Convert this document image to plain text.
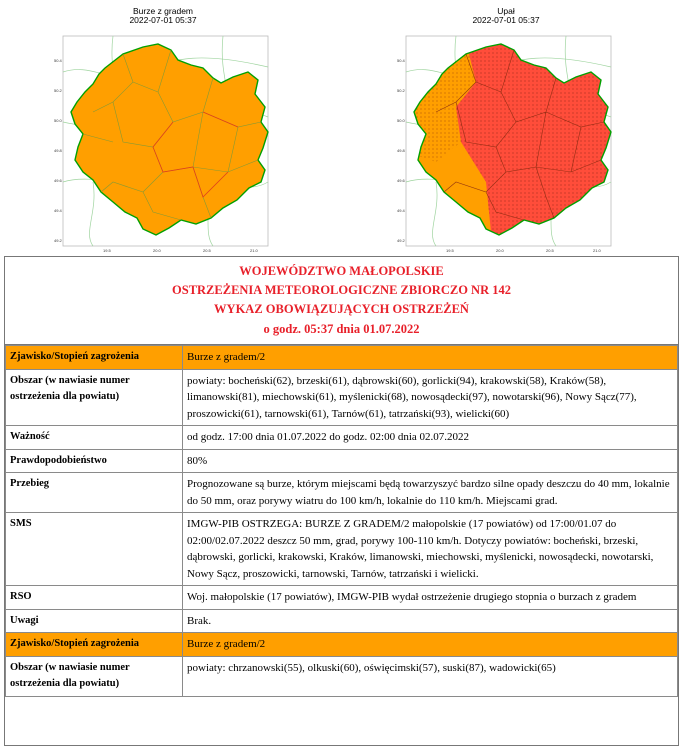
Burze z gradem
2022-07-01 05:37
50.4
50.2
50.0
49.8
49.6
49.4
49.2
19.5	20.0	20.5	21.0
Upał
2022-07-01 05:37
50.4
50.2
50.0
49.8
49.6
49.4
49.2
19.5	20.0	20.5	21.0
WOJEWÓDZTWO MAŁOPOLSKIE
OSTRZEŻENIA METEOROLOGICZNE ZBIORCZO NR 142
WYKAZ OBOWIĄZUJĄCYCH OSTRZEŻEŃ
o godz. 05:37 dnia 01.07.2022
Zjawisko/Stopień zagrożenia	Burze z gradem/2
Obszar (w nawiasie numer ostrzeżenia dla powiatu)	powiaty: bocheński(62), brzeski(61), dąbrowski(60), gorlicki(94), krakowski(58), Kraków(58), limanowski(81), miechowski(61), myślenicki(68), nowosądecki(97), nowotarski(96), Nowy Sącz(77), proszowicki(61), tarnowski(61), Tarnów(61), tatrzański(93), wielicki(60)
Ważność	od godz. 17:00 dnia 01.07.2022 do godz. 02:00 dnia 02.07.2022
Prawdopodobieństwo	80%
Przebieg	Prognozowane są burze, którym miejscami będą towarzyszyć bardzo silne opady deszczu do 40 mm, lokalnie do 50 mm, oraz porywy wiatru do 100 km/h, lokalnie do 110 km/h. Miejscami grad.
SMS	IMGW-PIB OSTRZEGA: BURZE Z GRADEM/2 małopolskie (17 powiatów) od 17:00/01.07 do 02:00/02.07.2022 deszcz 50 mm, grad, porywy 100-110 km/h. Dotyczy powiatów: bocheński, brzeski, dąbrowski, gorlicki, krakowski, Kraków, limanowski, miechowski, myślenicki, nowosądecki, nowotarski, Nowy Sącz, proszowicki, tarnowski, Tarnów, tatrzański i wielicki.
RSO	Woj. małopolskie (17 powiatów), IMGW-PIB wydał ostrzeżenie drugiego stopnia o burzach z gradem
Uwagi	Brak.
Zjawisko/Stopień zagrożenia	Burze z gradem/2
Obszar (w nawiasie numer ostrzeżenia dla powiatu)	powiaty: chrzanowski(55), olkuski(60), oświęcimski(57), suski(87), wadowicki(65)
